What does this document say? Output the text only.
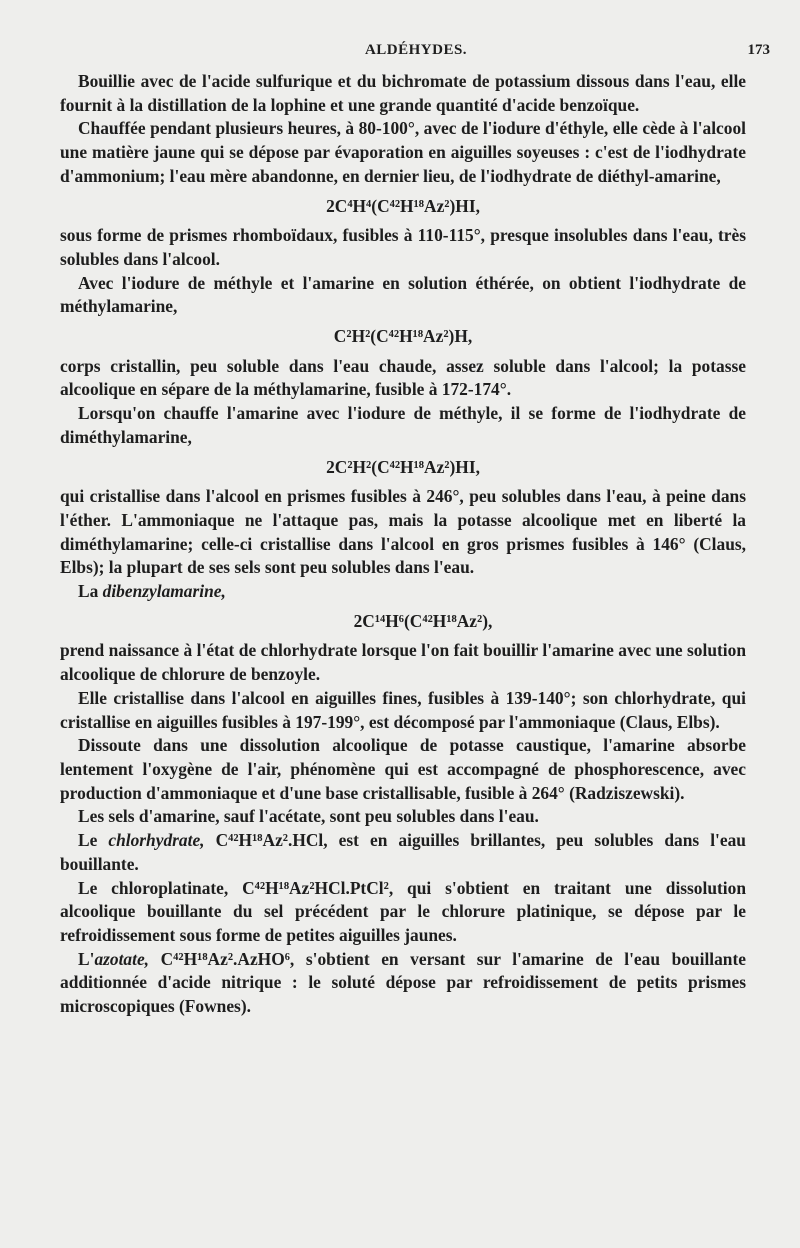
ALDÉHYDES.	173

Bouillie avec de l'acide sulfurique et du bichromate de potassium dissous dans l'eau, elle fournit à la distillation de la lophine et une grande quantité d'acide benzoïque.

Chauffée pendant plusieurs heures, à 80-100°, avec de l'iodure d'éthyle, elle cède à l'alcool une matière jaune qui se dépose par évaporation en aiguilles soyeuses : c'est de l'iodhydrate d'ammonium; l'eau mère abandonne, en dernier lieu, de l'iodhydrate de diéthyl-amarine,

2C⁴H⁴(C⁴²H¹⁸Az²)HI,

sous forme de prismes rhomboïdaux, fusibles à 110-115°, presque insolubles dans l'eau, très solubles dans l'alcool.

Avec l'iodure de méthyle et l'amarine en solution éthérée, on obtient l'iodhydrate de méthylamarine,

C²H²(C⁴²H¹⁸Az²)H,

corps cristallin, peu soluble dans l'eau chaude, assez soluble dans l'alcool; la potasse alcoolique en sépare de la méthylamarine, fusible à 172-174°.

Lorsqu'on chauffe l'amarine avec l'iodure de méthyle, il se forme de l'iodhydrate de diméthylamarine,

2C²H²(C⁴²H¹⁸Az²)HI,

qui cristallise dans l'alcool en prismes fusibles à 246°, peu solubles dans l'eau, à peine dans l'éther. L'ammoniaque ne l'attaque pas, mais la potasse alcoolique met en liberté la diméthylamarine; celle-ci cristallise dans l'alcool en gros prismes fusibles à 146° (Claus, Elbs); la plupart de ses sels sont peu solubles dans l'eau.

La dibenzylamarine,

2C¹⁴H⁶(C⁴²H¹⁸Az²),

prend naissance à l'état de chlorhydrate lorsque l'on fait bouillir l'amarine avec une solution alcoolique de chlorure de benzoyle.

Elle cristallise dans l'alcool en aiguilles fines, fusibles à 139-140°; son chlorhydrate, qui cristallise en aiguilles fusibles à 197-199°, est décomposé par l'ammoniaque (Claus, Elbs).

Dissoute dans une dissolution alcoolique de potasse caustique, l'amarine absorbe lentement l'oxygène de l'air, phénomène qui est accompagné de phosphorescence, avec production d'ammoniaque et d'une base cristallisable, fusible à 264° (Radziszewski).

Les sels d'amarine, sauf l'acétate, sont peu solubles dans l'eau.

Le chlorhydrate, C⁴²H¹⁸Az².HCl, est en aiguilles brillantes, peu solubles dans l'eau bouillante.

Le chloroplatinate, C⁴²H¹⁸Az²HCl.PtCl², qui s'obtient en traitant une dissolution alcoolique bouillante du sel précédent par le chlorure platinique, se dépose par le refroidissement sous forme de petites aiguilles jaunes.

L'azotate, C⁴²H¹⁸Az².AzHO⁶, s'obtient en versant sur l'amarine de l'eau bouillante additionnée d'acide nitrique : le soluté dépose par refroidissement de petits prismes microscopiques (Fownes).
